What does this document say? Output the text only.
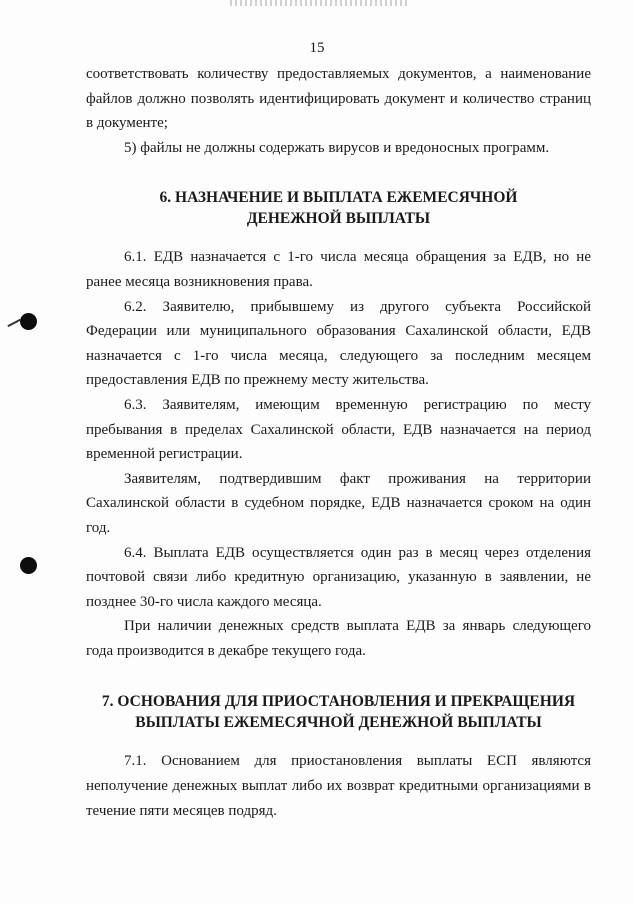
15

соответствовать количеству предоставляемых документов, а наименование файлов должно позволять идентифицировать документ и количество страниц в документе;

5) файлы не должны содержать вирусов и вредоносных программ.

6. НАЗНАЧЕНИЕ И ВЫПЛАТА ЕЖЕМЕСЯЧНОЙ
ДЕНЕЖНОЙ ВЫПЛАТЫ

6.1. ЕДВ назначается с 1-го числа месяца обращения за ЕДВ, но не ранее месяца возникновения права.

6.2. Заявителю, прибывшему из другого субъекта Российской Федерации или муниципального образования Сахалинской области, ЕДВ назначается с 1-го числа месяца, следующего за последним месяцем предоставления ЕДВ по прежнему месту жительства.

6.3. Заявителям, имеющим временную регистрацию по месту пребывания в пределах Сахалинской области, ЕДВ назначается на период временной регистрации.

Заявителям, подтвердившим факт проживания на территории Сахалинской области в судебном порядке, ЕДВ назначается сроком на один год.

6.4. Выплата ЕДВ осуществляется один раз в месяц через отделения почтовой связи либо кредитную организацию, указанную в заявлении, не позднее 30-го числа каждого месяца.

При наличии денежных средств выплата ЕДВ за январь следующего года производится в декабре текущего года.

7. ОСНОВАНИЯ ДЛЯ ПРИОСТАНОВЛЕНИЯ И ПРЕКРАЩЕНИЯ
ВЫПЛАТЫ ЕЖЕМЕСЯЧНОЙ ДЕНЕЖНОЙ ВЫПЛАТЫ

7.1. Основанием для приостановления выплаты ЕСП являются неполучение денежных выплат либо их возврат кредитными организациями в течение пяти месяцев подряд.
